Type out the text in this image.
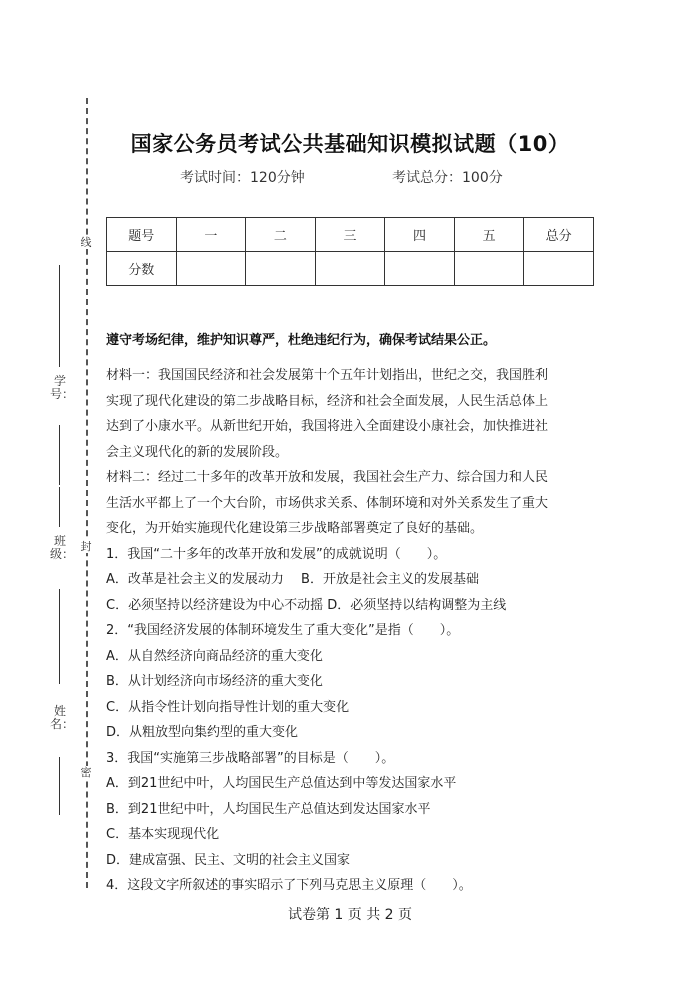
线
封
密
学号：
班级：
姓名：
国家公务员考试公共基础知识模拟试题（10）
考试时间：120分钟	考试总分：100分
题号	一	二	三	四	五	总分
分数						
遵守考场纪律，维护知识尊严，杜绝违纪行为，确保考试结果公正。

材料一：我国国民经济和社会发展第十个五年计划指出，世纪之交，我国胜利

实现了现代化建设的第二步战略目标，经济和社会全面发展，人民生活总体上

达到了小康水平。从新世纪开始，我国将进入全面建设小康社会，加快推进社

会主义现代化的新的发展阶段。

材料二：经过二十多年的改革开放和发展，我国社会生产力、综合国力和人民

生活水平都上了一个大台阶，市场供求关系、体制环境和对外关系发生了重大

变化，为开始实施现代化建设第三步战略部署奠定了良好的基础。

1．我国“二十多年的改革开放和发展”的成就说明（　　）。

A．改革是社会主义的发展动力　 B．开放是社会主义的发展基础

C．必须坚持以经济建设为中心不动摇 D．必须坚持以结构调整为主线

2．“我国经济发展的体制环境发生了重大变化”是指（　　）。

A．从自然经济向商品经济的重大变化

B．从计划经济向市场经济的重大变化

C．从指令性计划向指导性计划的重大变化

D．从粗放型向集约型的重大变化

3．我国“实施第三步战略部署”的目标是（　　）。

A．到21世纪中叶，人均国民生产总值达到中等发达国家水平

B．到21世纪中叶，人均国民生产总值达到发达国家水平

C．基本实现现代化

D．建成富强、民主、文明的社会主义国家

4．这段文字所叙述的事实昭示了下列马克思主义原理（　　）。

试卷第 1 页 共 2 页
